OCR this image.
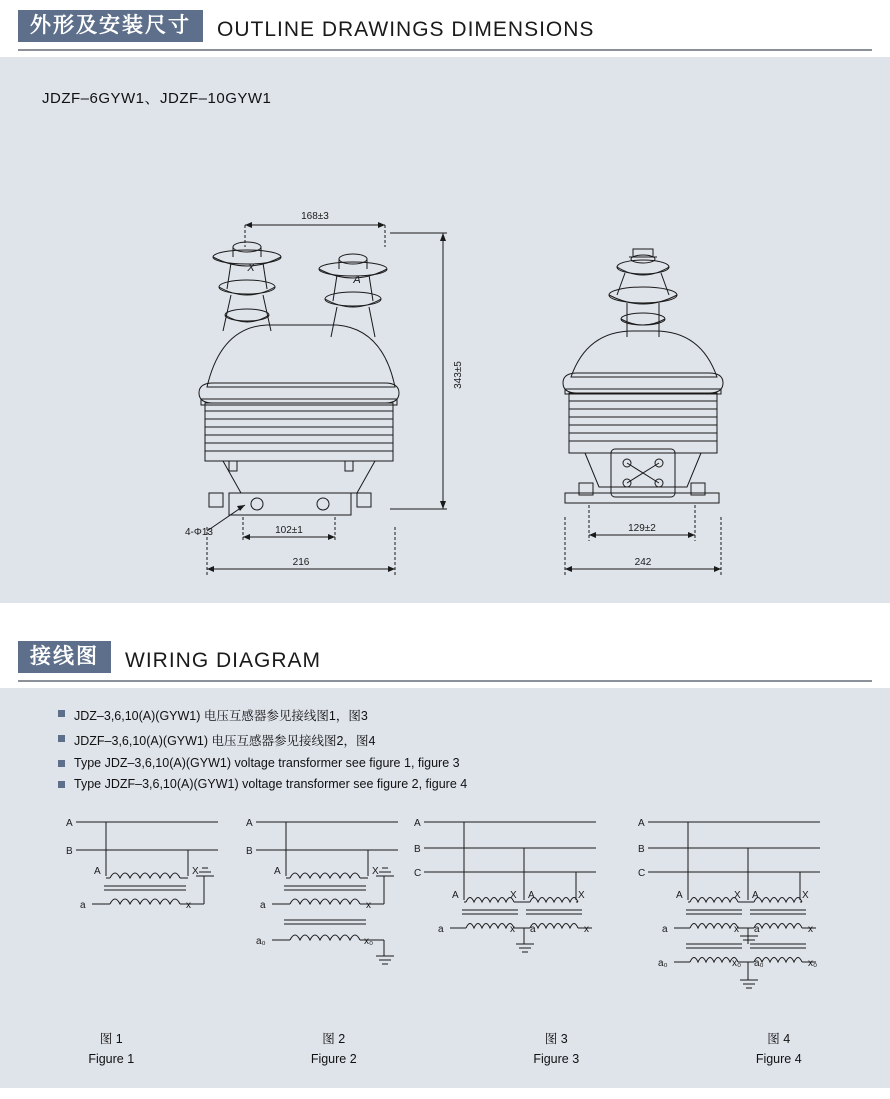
外形及安装尺寸	OUTLINE DRAWINGS DIMENSIONS
JDZF–6GYW1、JDZF–10GYW1
168±3
343±5
102±1
216
4-Φ13
X
A
129±2
242
接线图	WIRING DIAGRAM
JDZ–3,6,10(A)(GYW1) 电压互感器参见接线图1，图3
JDZF–3,6,10(A)(GYW1) 电压互感器参见接线图2，图4
Type JDZ–3,6,10(A)(GYW1) voltage transformer see figure 1, figure 3
Type JDZF–3,6,10(A)(GYW1) voltage transformer see figure 2, figure 4
A
B
A	X
a	x
A
B
A	X
a	x
a₀	x₀
A
B
C
A	X A	X
a	x a	x
A
B
C
A	X A	X
a	x a	x
a₀	x₀ a₀	x₀
图 1
Figure 1
图 2
Figure 2
图 3
Figure 3
图 4
Figure 4
